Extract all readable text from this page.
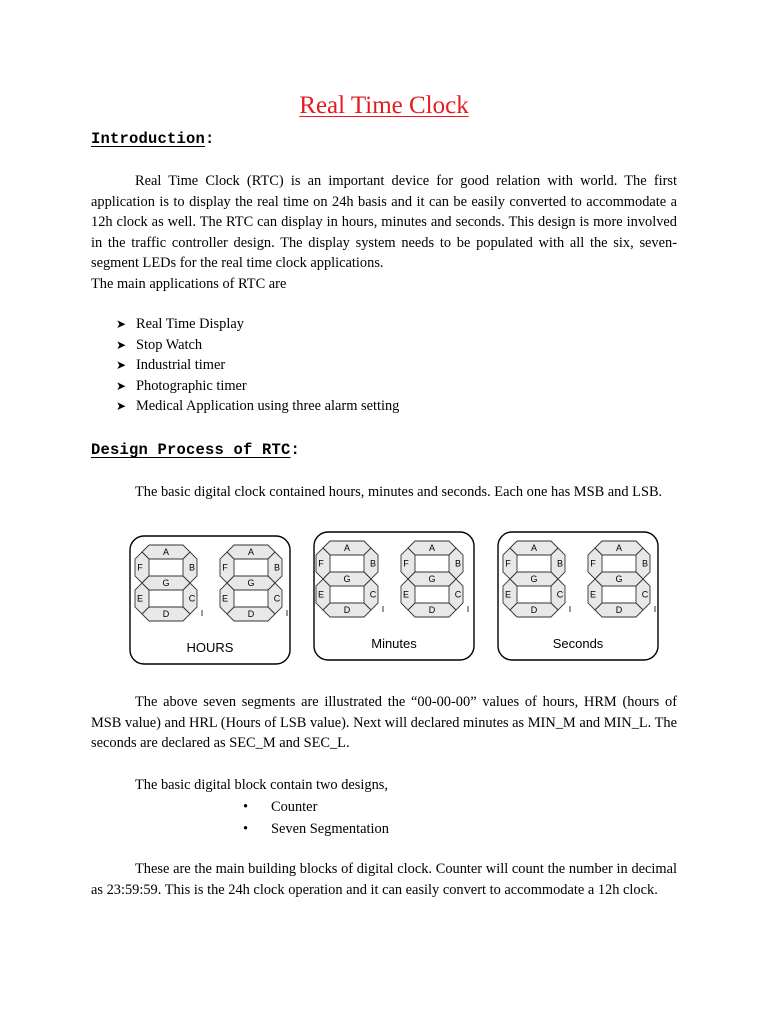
Real Time Clock
Introduction:
Real Time Clock (RTC) is an important device for good relation with world. The first application is to display the real time on 24h basis and it can be easily converted to accommodate a 12h clock as well. The RTC can display in hours, minutes and seconds. This design is more involved in the traffic controller design. The display system needs to be populated with all the six, seven-segment LEDs for the real time clock applications.
The main applications of RTC are
➤ Real Time Display
➤ Stop Watch
➤ Industrial timer
➤ Photographic timer
➤ Medical Application using three alarm setting
Design Process of RTC:
The basic digital clock contained hours, minutes and seconds. Each one has MSB and LSB.
A
B
C
D
E
F
G
A
B
C
D
E
F
G
HOURS
A
B
C
D
E
F
G
A
B
C
D
E
F
G
Minutes
A
B
C
D
E
F
G
A
B
C
D
E
F
G
Seconds
The above seven segments are illustrated the “00-00-00” values of hours, HRM (hours of MSB value) and HRL (Hours of LSB value). Next will declared minutes as MIN_M and MIN_L. The seconds are declared as SEC_M and SEC_L.
The basic digital block contain two designs,
• Counter
• Seven Segmentation
These are the main building blocks of digital clock. Counter will count the number in decimal as 23:59:59. This is the 24h clock operation and it can easily convert to accommodate a 12h clock.
